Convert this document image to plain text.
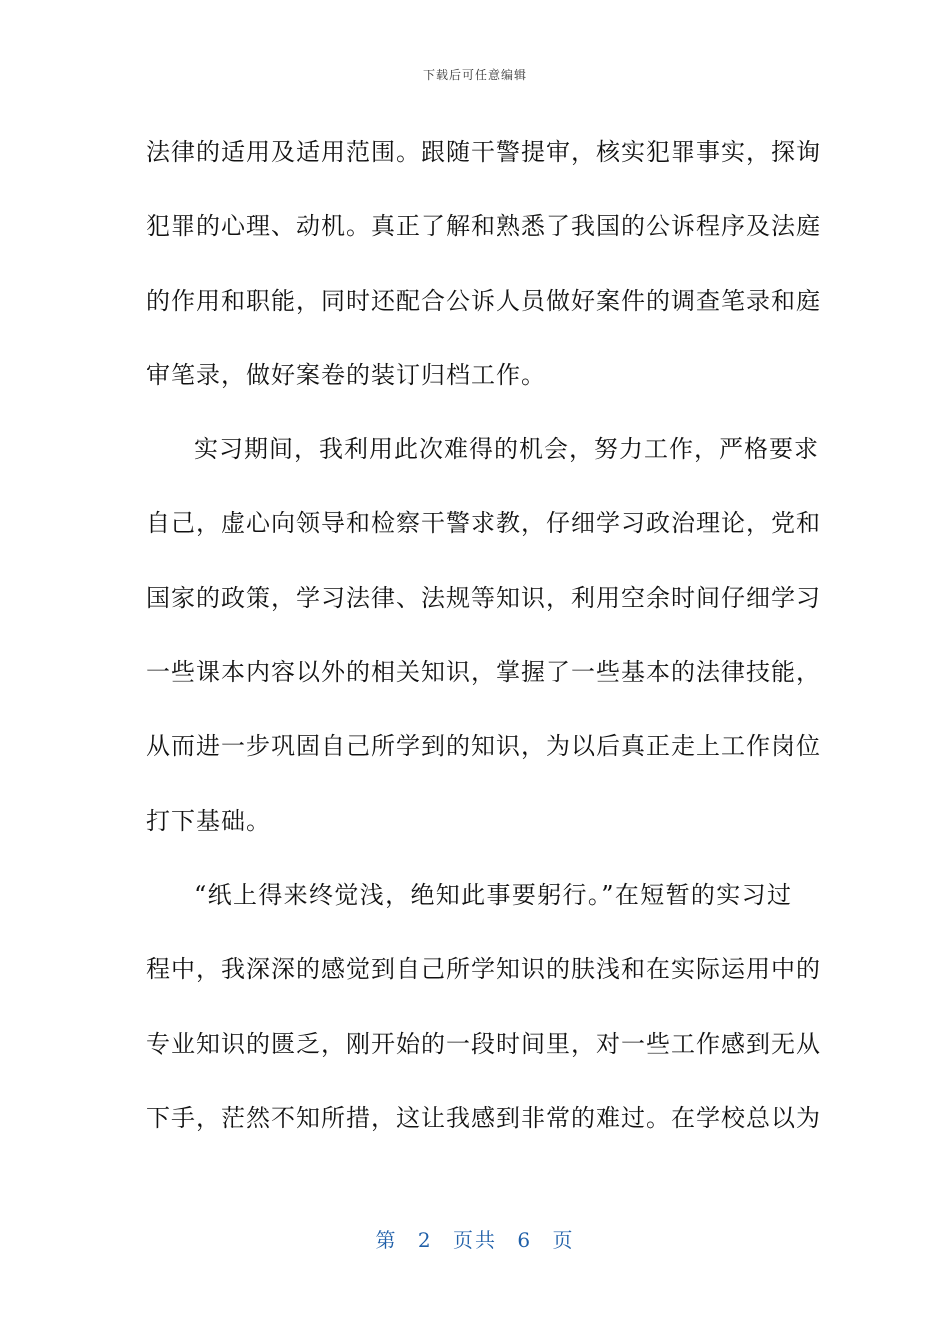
下载后可任意编辑
法律的适用及适用范围。跟随干警提审，核实犯罪事实，探询
犯罪的心理、动机。真正了解和熟悉了我国的公诉程序及法庭
的作用和职能，同时还配合公诉人员做好案件的调查笔录和庭
审笔录，做好案卷的装订归档工作。
实习期间，我利用此次难得的机会，努力工作，严格要求
自己，虚心向领导和检察干警求教，仔细学习政治理论，党和
国家的政策，学习法律、法规等知识，利用空余时间仔细学习
一些课本内容以外的相关知识，掌握了一些基本的法律技能，
从而进一步巩固自己所学到的知识，为以后真正走上工作岗位
打下基础。
“纸上得来终觉浅，绝知此事要躬行。”在短暂的实习过
程中，我深深的感觉到自己所学知识的肤浅和在实际运用中的
专业知识的匮乏，刚开始的一段时间里，对一些工作感到无从
下手，茫然不知所措，这让我感到非常的难过。在学校总以为
第 2 页共 6 页
